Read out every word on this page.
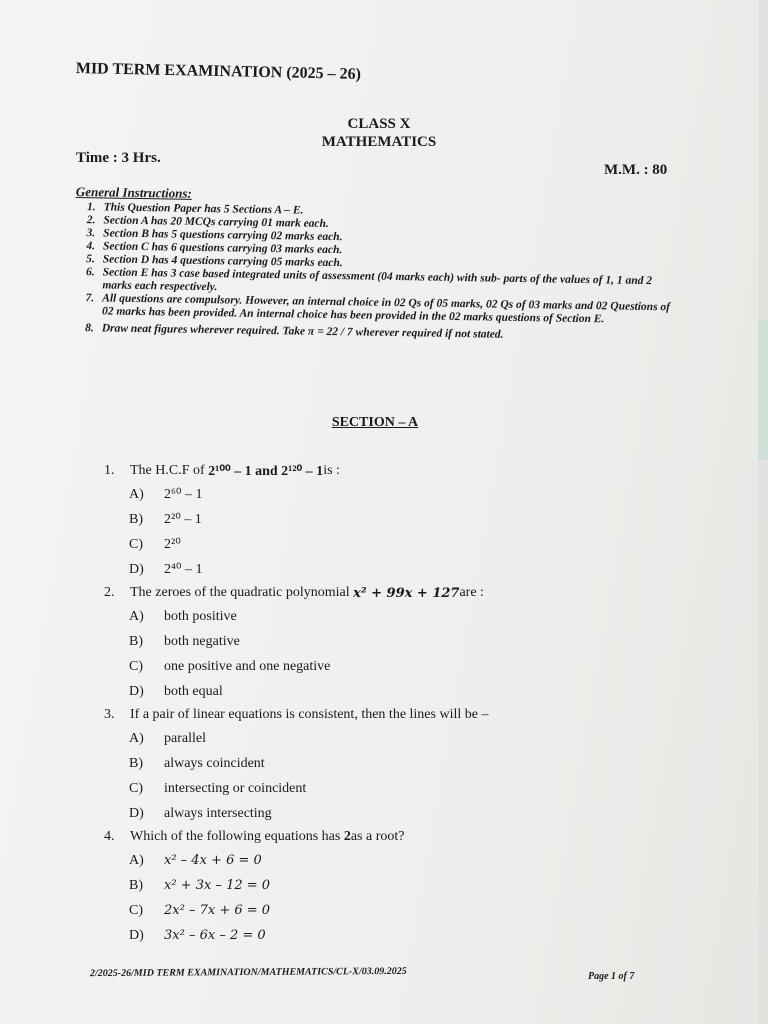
MID TERM EXAMINATION (2025 – 26)
CLASS X
MATHEMATICS
Time : 3 Hrs.
M.M. : 80
General Instructions:
1. This Question Paper has 5 Sections A – E.
2. Section A has 20 MCQs carrying 01 mark each.
3. Section B has 5 questions carrying 02 marks each.
4. Section C has 6 questions carrying 03 marks each.
5. Section D has 4 questions carrying 05 marks each.
6. Section E has 3 case based integrated units of assessment (04 marks each) with sub- parts of the values of 1, 1 and 2 marks each respectively.
7. All questions are compulsory. However, an internal choice in 02 Qs of 05 marks, 02 Qs of 03 marks and 02 Questions of 02 marks has been provided. An internal choice has been provided in the 02 marks questions of Section E.
8. Draw neat figures wherever required. Take π = 22 / 7 wherever required if not stated.
SECTION – A
1.	The H.C.F of
2¹⁰⁰ – 1 and 2¹²⁰ – 1 is :
A)	2⁶⁰ – 1
B)	2²⁰ – 1
C)	2²⁰
D)	2⁴⁰ – 1
2.	The zeroes of the quadratic polynomial
x² + 99x + 127 are :
A)	both positive
B)	both negative
C)	one positive and one negative
D)	both equal
3.	If a pair of linear equations is consistent, then the lines will be –
A)	parallel
B)	always coincident
C)	intersecting or coincident
D)	always intersecting
4.	Which of the following equations has
2 as a root?
A)	x² – 4x + 6 = 0
B)	x² + 3x – 12 = 0
C)	2x² – 7x + 6 = 0
D)	3x² – 6x – 2 = 0
2/2025-26/MID TERM EXAMINATION/MATHEMATICS/CL-X/03.09.2025	Page 1 of 7
